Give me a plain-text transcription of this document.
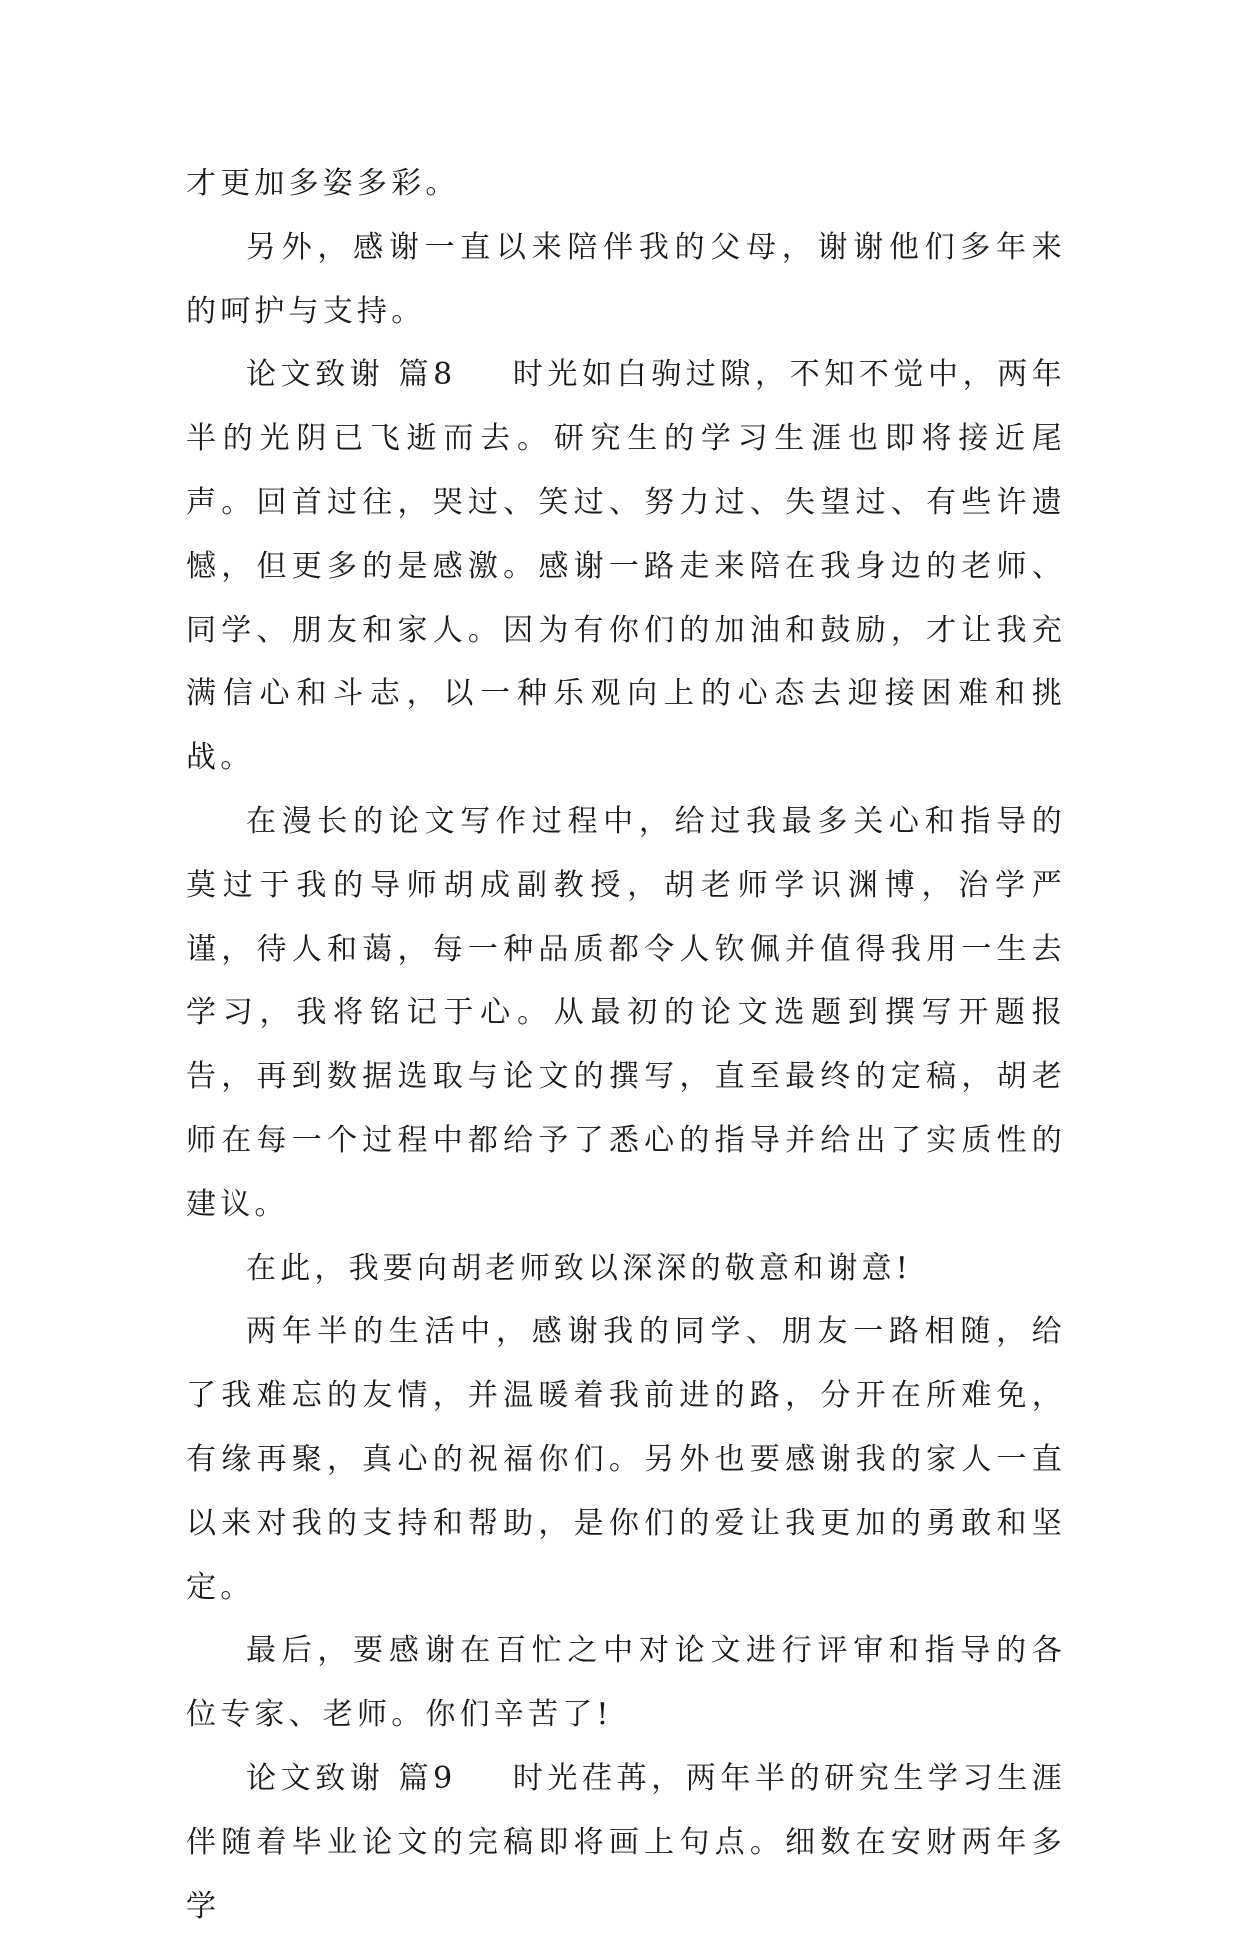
才更加多姿多彩。

另外，感谢一直以来陪伴我的父母，谢谢他们多年来的呵护与支持。

论文致谢 篇8 时光如白驹过隙，不知不觉中，两年半的光阴已飞逝而去。研究生的学习生涯也即将接近尾声。回首过往，哭过、笑过、努力过、失望过、有些许遗憾，但更多的是感激。感谢一路走来陪在我身边的老师、同学、朋友和家人。因为有你们的加油和鼓励，才让我充满信心和斗志，以一种乐观向上的心态去迎接困难和挑战。

在漫长的论文写作过程中，给过我最多关心和指导的莫过于我的导师胡成副教授，胡老师学识渊博，治学严谨，待人和蔼，每一种品质都令人钦佩并值得我用一生去学习，我将铭记于心。从最初的论文选题到撰写开题报告，再到数据选取与论文的撰写，直至最终的定稿，胡老师在每一个过程中都给予了悉心的指导并给出了实质性的建议。

在此，我要向胡老师致以深深的敬意和谢意!

两年半的生活中，感谢我的同学、朋友一路相随，给了我难忘的友情，并温暖着我前进的路，分开在所难免，有缘再聚，真心的祝福你们。另外也要感谢我的家人一直以来对我的支持和帮助，是你们的爱让我更加的勇敢和坚定。

最后，要感谢在百忙之中对论文进行评审和指导的各位专家、老师。你们辛苦了!

论文致谢 篇9 时光荏苒，两年半的研究生学习生涯伴随着毕业论文的完稿即将画上句点。细数在安财两年多学
